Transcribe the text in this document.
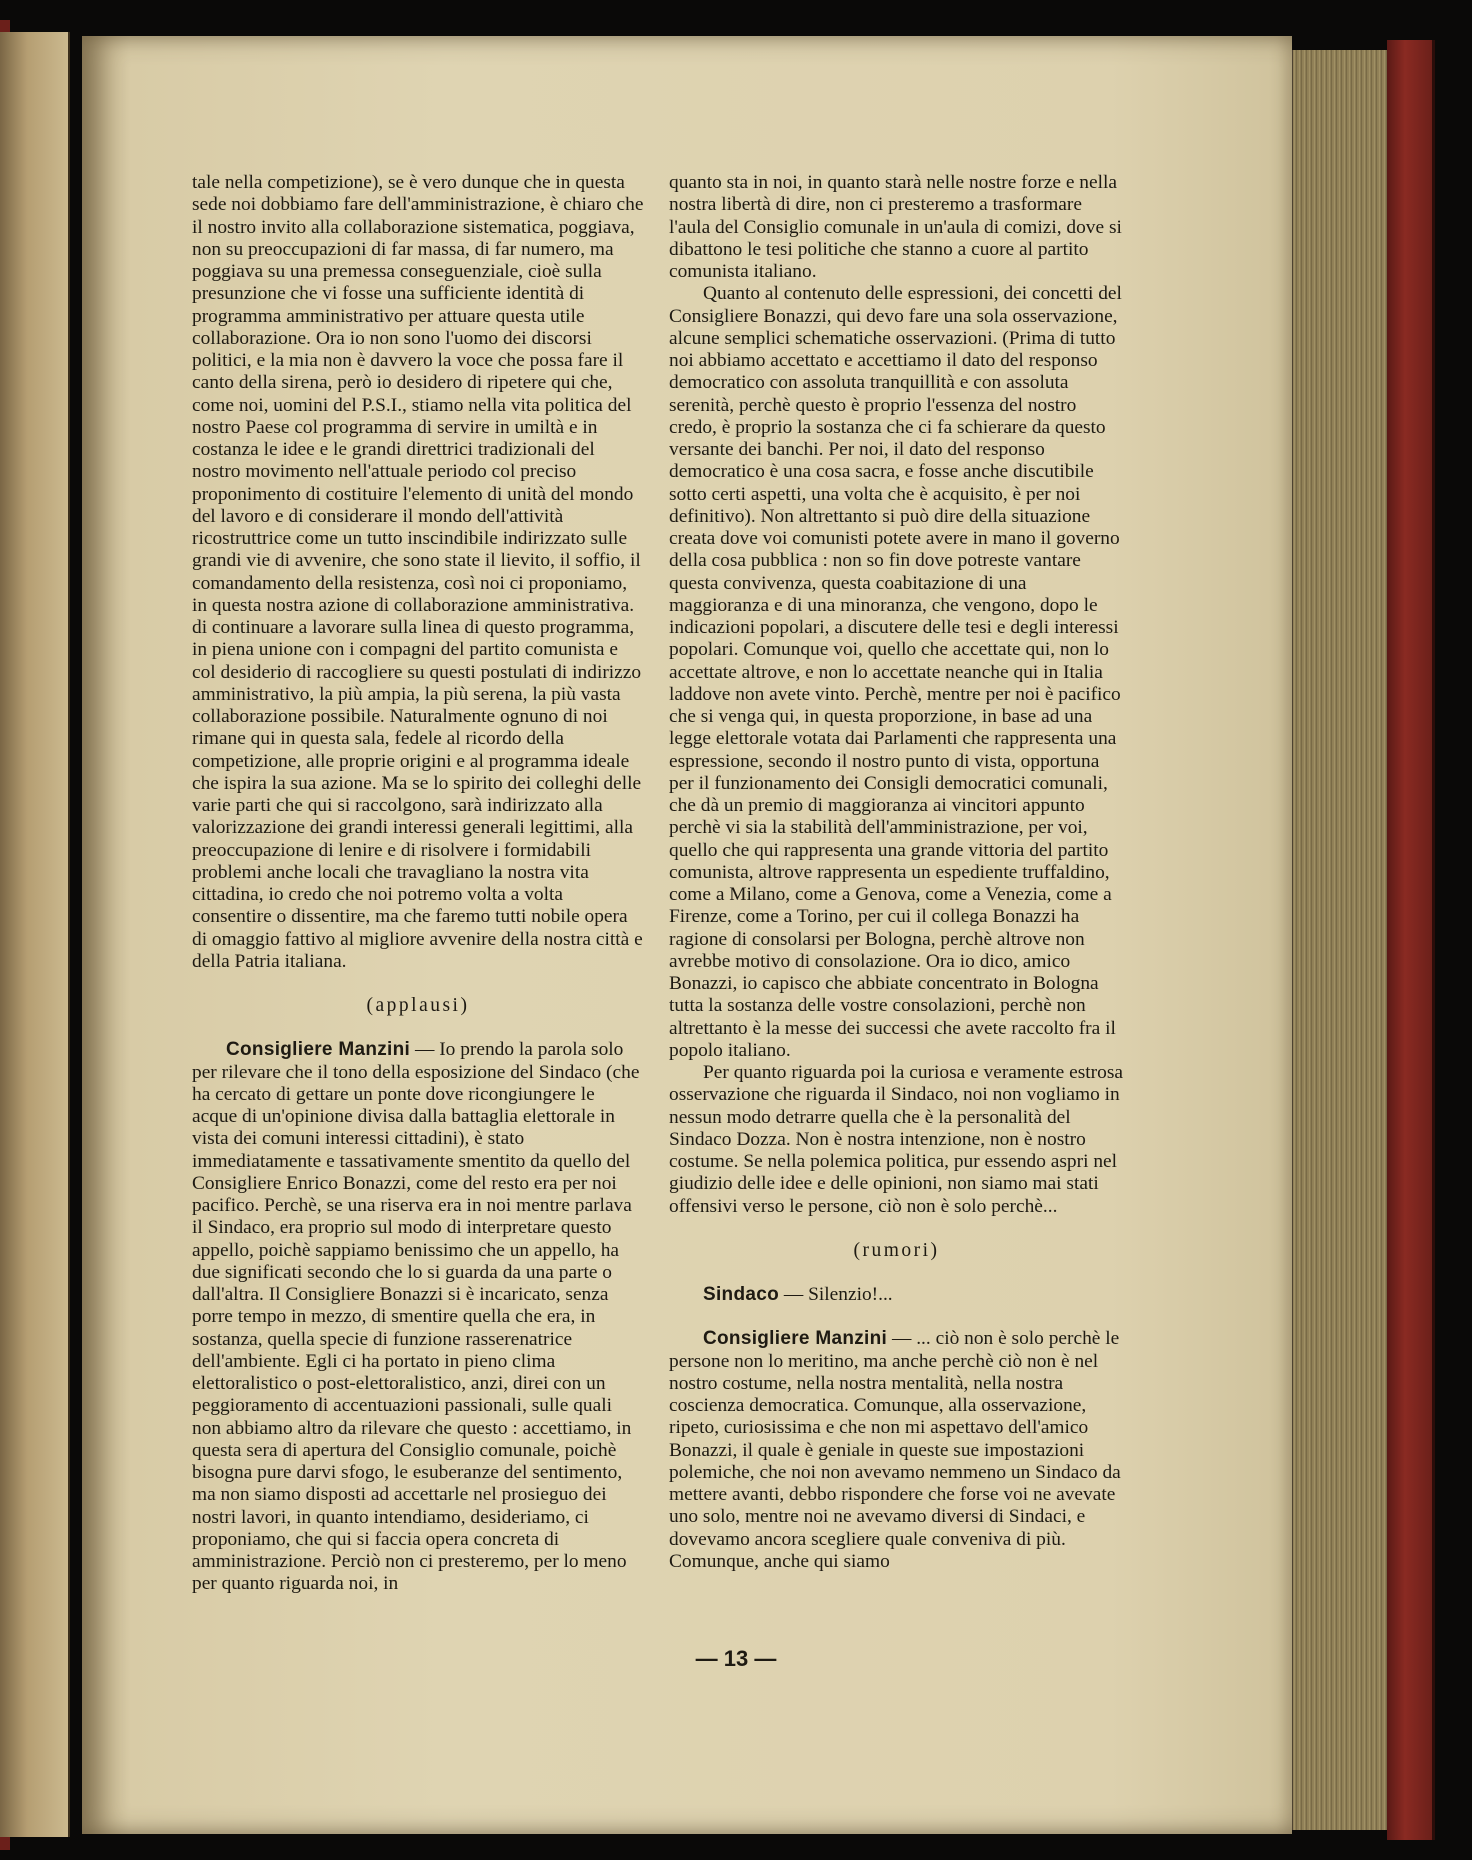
tale nella competizione), se è vero dunque che in questa sede noi dobbiamo fare dell'amministrazione, è chiaro che il nostro invito alla collaborazione sistematica, poggiava, non su preoccupazioni di far massa, di far numero, ma poggiava su una premessa conseguenziale, cioè sulla presunzione che vi fosse una sufficiente identità di programma amministrativo per attuare questa utile collaborazione. Ora io non sono l'uomo dei discorsi politici, e la mia non è davvero la voce che possa fare il canto della sirena, però io desidero di ripetere qui che, come noi, uomini del P.S.I., stiamo nella vita politica del nostro Paese col programma di servire in umiltà e in costanza le idee e le grandi direttrici tradizionali del nostro movimento nell'attuale periodo col preciso proponimento di costituire l'elemento di unità del mondo del lavoro e di considerare il mondo dell'attività ricostruttrice come un tutto inscindibile indirizzato sulle grandi vie di avvenire, che sono state il lievito, il soffio, il comandamento della resistenza, così noi ci proponiamo, in questa nostra azione di collaborazione amministrativa. di continuare a lavorare sulla linea di questo programma, in piena unione con i compagni del partito comunista e col desiderio di raccogliere su questi postulati di indirizzo amministrativo, la più ampia, la più serena, la più vasta collaborazione possibile. Naturalmente ognuno di noi rimane qui in questa sala, fedele al ricordo della competizione, alle proprie origini e al programma ideale che ispira la sua azione. Ma se lo spirito dei colleghi delle varie parti che qui si raccolgono, sarà indirizzato alla valorizzazione dei grandi interessi generali legittimi, alla preoccupazione di lenire e di risolvere i formidabili problemi anche locali che travagliano la nostra vita cittadina, io credo che noi potremo volta a volta consentire o dissentire, ma che faremo tutti nobile opera di omaggio fattivo al migliore avvenire della nostra città e della Patria italiana.

(applausi)

Consigliere Manzini — Io prendo la parola solo per rilevare che il tono della esposizione del Sindaco (che ha cercato di gettare un ponte dove ricongiungere le acque di un'opinione divisa dalla battaglia elettorale in vista dei comuni interessi cittadini), è stato immediatamente e tassativamente smentito da quello del Consigliere Enrico Bonazzi, come del resto era per noi pacifico. Perchè, se una riserva era in noi mentre parlava il Sindaco, era proprio sul modo di interpretare questo appello, poichè sappiamo benissimo che un appello, ha due significati secondo che lo si guarda da una parte o dall'altra. Il Consigliere Bonazzi si è incaricato, senza porre tempo in mezzo, di smentire quella che era, in sostanza, quella specie di funzione rasserenatrice dell'ambiente. Egli ci ha portato in pieno clima elettoralistico o post-elettoralistico, anzi, direi con un peggioramento di accentuazioni passionali, sulle quali non abbiamo altro da rilevare che questo : accettiamo, in questa sera di apertura del Consiglio comunale, poichè bisogna pure darvi sfogo, le esuberanze del sentimento, ma non siamo disposti ad accettarle nel prosieguo dei nostri lavori, in quanto intendiamo, desideriamo, ci proponiamo, che qui si faccia opera concreta di amministrazione. Perciò non ci presteremo, per lo meno per quanto riguarda noi, in

quanto sta in noi, in quanto starà nelle nostre forze e nella nostra libertà di dire, non ci presteremo a trasformare l'aula del Consiglio comunale in un'aula di comizi, dove si dibattono le tesi politiche che stanno a cuore al partito comunista italiano.

Quanto al contenuto delle espressioni, dei concetti del Consigliere Bonazzi, qui devo fare una sola osservazione, alcune semplici schematiche osservazioni. (Prima di tutto noi abbiamo accettato e accettiamo il dato del responso democratico con assoluta tranquillità e con assoluta serenità, perchè questo è proprio l'essenza del nostro credo, è proprio la sostanza che ci fa schierare da questo versante dei banchi. Per noi, il dato del responso democratico è una cosa sacra, e fosse anche discutibile sotto certi aspetti, una volta che è acquisito, è per noi definitivo). Non altrettanto si può dire della situazione creata dove voi comunisti potete avere in mano il governo della cosa pubblica : non so fin dove potreste vantare questa convivenza, questa coabitazione di una maggioranza e di una minoranza, che vengono, dopo le indicazioni popolari, a discutere delle tesi e degli interessi popolari. Comunque voi, quello che accettate qui, non lo accettate altrove, e non lo accettate neanche qui in Italia laddove non avete vinto. Perchè, mentre per noi è pacifico che si venga qui, in questa proporzione, in base ad una legge elettorale votata dai Parlamenti che rappresenta una espressione, secondo il nostro punto di vista, opportuna per il funzionamento dei Consigli democratici comunali, che dà un premio di maggioranza ai vincitori appunto perchè vi sia la stabilità dell'amministrazione, per voi, quello che qui rappresenta una grande vittoria del partito comunista, altrove rappresenta un espediente truffaldino, come a Milano, come a Genova, come a Venezia, come a Firenze, come a Torino, per cui il collega Bonazzi ha ragione di consolarsi per Bologna, perchè altrove non avrebbe motivo di consolazione. Ora io dico, amico Bonazzi, io capisco che abbiate concentrato in Bologna tutta la sostanza delle vostre consolazioni, perchè non altrettanto è la messe dei successi che avete raccolto fra il popolo italiano.

Per quanto riguarda poi la curiosa e veramente estrosa osservazione che riguarda il Sindaco, noi non vogliamo in nessun modo detrarre quella che è la personalità del Sindaco Dozza. Non è nostra intenzione, non è nostro costume. Se nella polemica politica, pur essendo aspri nel giudizio delle idee e delle opinioni, non siamo mai stati offensivi verso le persone, ciò non è solo perchè...

(rumori)

Sindaco — Silenzio!...

Consigliere Manzini — ... ciò non è solo perchè le persone non lo meritino, ma anche perchè ciò non è nel nostro costume, nella nostra mentalità, nella nostra coscienza democratica. Comunque, alla osservazione, ripeto, curiosissima e che non mi aspettavo dell'amico Bonazzi, il quale è geniale in queste sue impostazioni polemiche, che noi non avevamo nemmeno un Sindaco da mettere avanti, debbo rispondere che forse voi ne avevate uno solo, mentre noi ne avevamo diversi di Sindaci, e dovevamo ancora scegliere quale conveniva di più. Comunque, anche qui siamo

— 13 —
